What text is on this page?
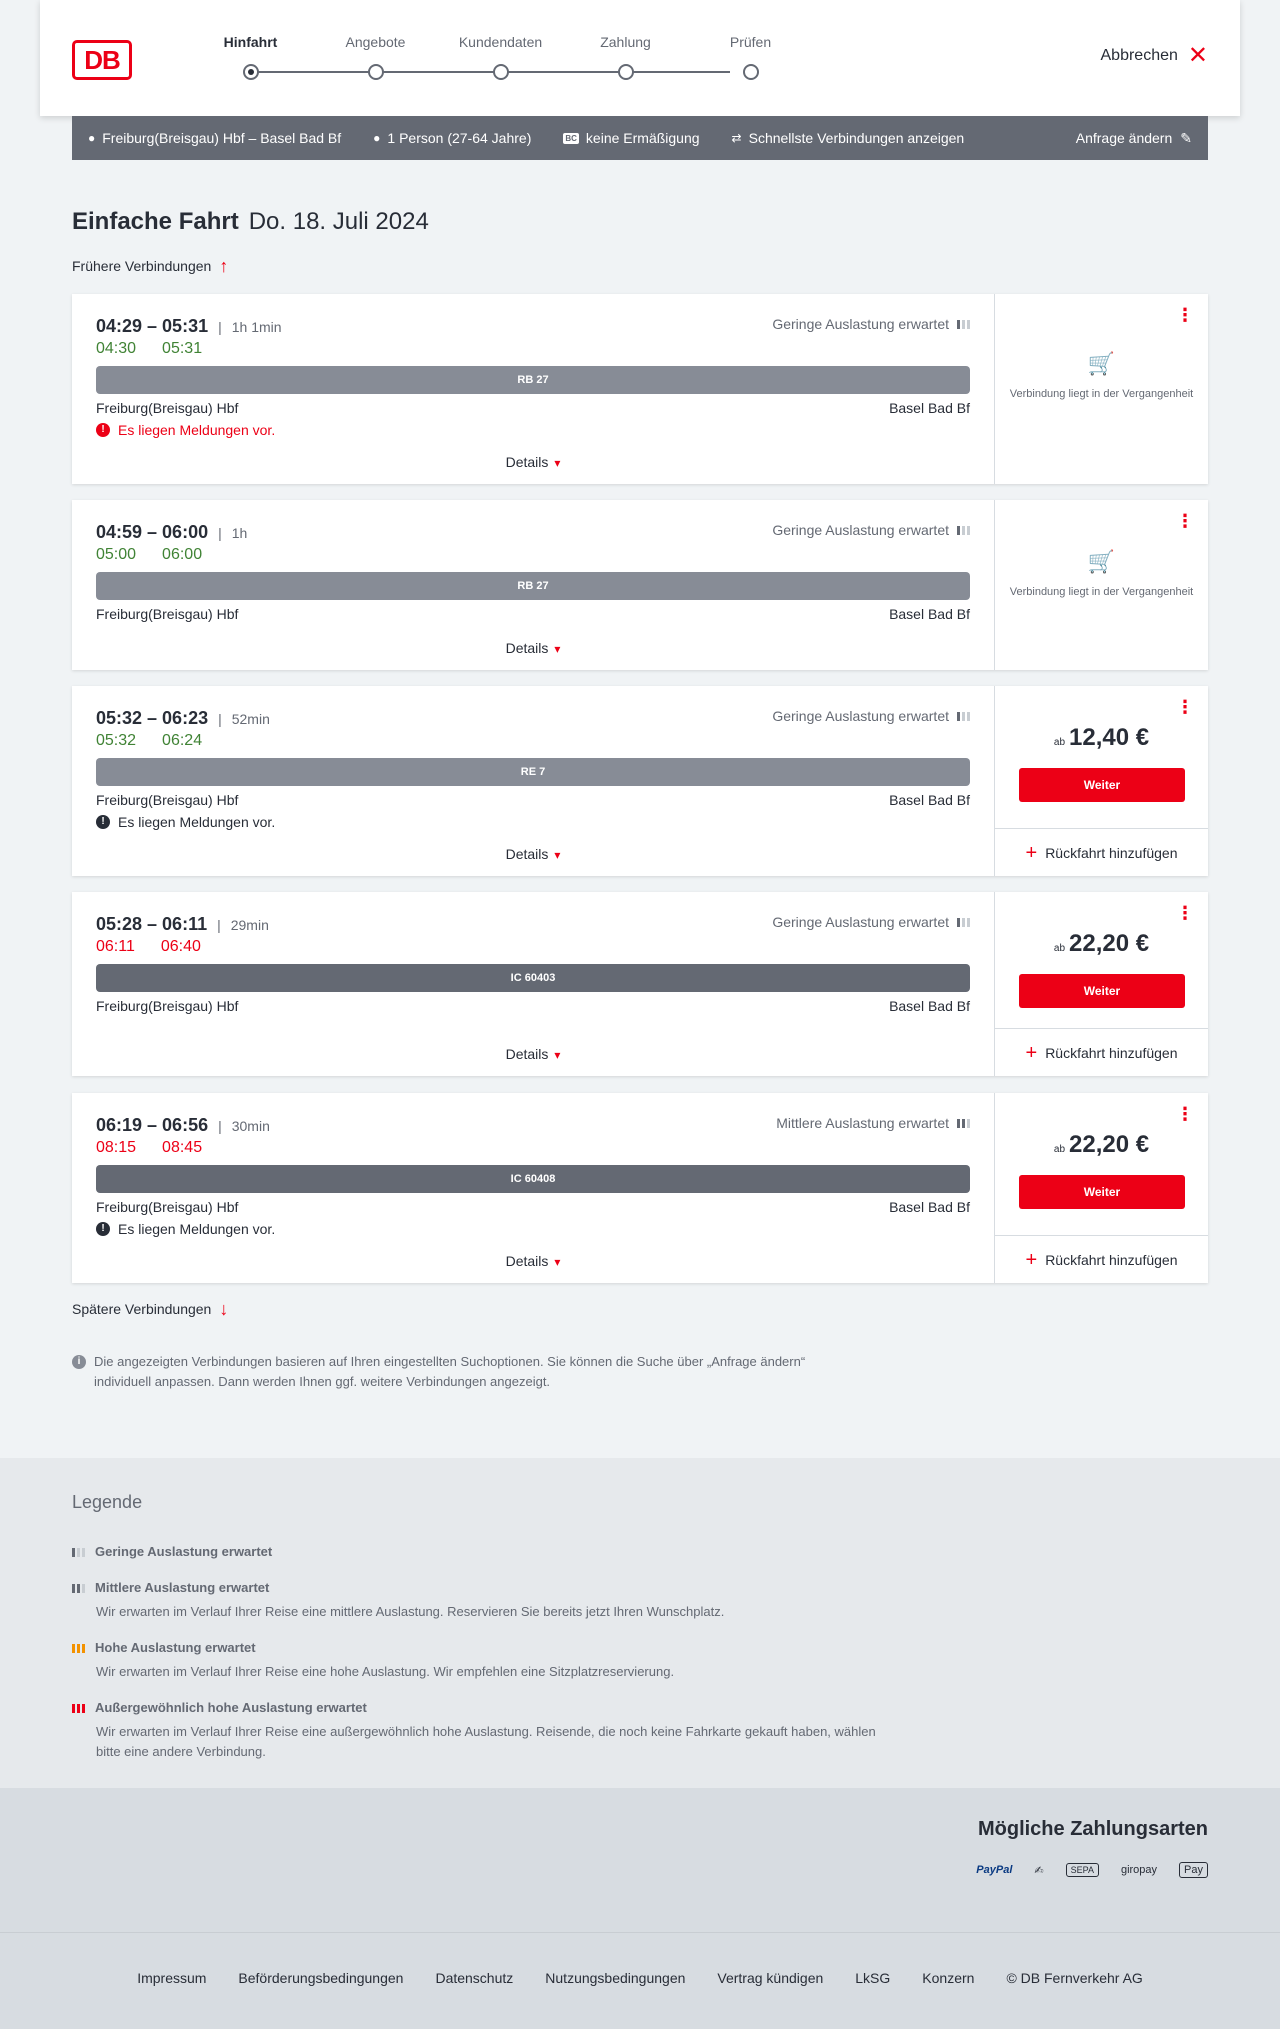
DB
Hinfahrt	Angebote	Kundendaten	Zahlung	Prüfen
Abbrechen ✕
● Freiburg(Breisgau) Hbf – Basel Bad Bf	● 1 Person (27-64 Jahre)	BC keine Ermäßigung	⇄ Schnellste Verbindungen anzeigen	Anfrage ändern ✎
Einfache Fahrt Do. 18. Juli 2024
Frühere Verbindungen ↑
04:29 – 05:31 | 1h 1min
04:30 05:31
Geringe Auslastung erwartet
RB 27
Freiburg(Breisgau) Hbf	Basel Bad Bf
! Es liegen Meldungen vor.
Details ▾
⋮
🛒
Verbindung liegt in der Vergangenheit
04:59 – 06:00 | 1h
05:00 06:00
Geringe Auslastung erwartet
RB 27
Freiburg(Breisgau) Hbf	Basel Bad Bf
Details ▾
⋮
🛒
Verbindung liegt in der Vergangenheit
05:32 – 06:23 | 52min
05:32 06:24
Geringe Auslastung erwartet
RE 7
Freiburg(Breisgau) Hbf	Basel Bad Bf
! Es liegen Meldungen vor.
Details ▾
⋮
ab 12,40 €
Weiter
+ Rückfahrt hinzufügen
05:28 – 06:11 | 29min
06:11 06:40
Geringe Auslastung erwartet
IC 60403
Freiburg(Breisgau) Hbf	Basel Bad Bf
Details ▾
⋮
ab 22,20 €
Weiter
+ Rückfahrt hinzufügen
06:19 – 06:56 | 30min
08:15 08:45
Mittlere Auslastung erwartet
IC 60408
Freiburg(Breisgau) Hbf	Basel Bad Bf
! Es liegen Meldungen vor.
Details ▾
⋮
ab 22,20 €
Weiter
+ Rückfahrt hinzufügen
Spätere Verbindungen ↓
i	Die angezeigten Verbindungen basieren auf Ihren eingestellten Suchoptionen. Sie können die Suche über „Anfrage ändern“ individuell anpassen. Dann werden Ihnen ggf. weitere Verbindungen angezeigt.
Legende
Geringe Auslastung erwartet
Mittlere Auslastung erwartet
Wir erwarten im Verlauf Ihrer Reise eine mittlere Auslastung. Reservieren Sie bereits jetzt Ihren Wunschplatz.
Hohe Auslastung erwartet
Wir erwarten im Verlauf Ihrer Reise eine hohe Auslastung. Wir empfehlen eine Sitzplatzreservierung.
Außergewöhnlich hohe Auslastung erwartet
Wir erwarten im Verlauf Ihrer Reise eine außergewöhnlich hohe Auslastung. Reisende, die noch keine Fahrkarte gekauft haben, wählen bitte eine andere Verbindung.
Mögliche Zahlungsarten
PayPal ✍	SEPA	giropay	Pay
Impressum Beförderungsbedingungen Datenschutz Nutzungsbedingungen Vertrag kündigen LkSG Konzern © DB Fernverkehr AG
